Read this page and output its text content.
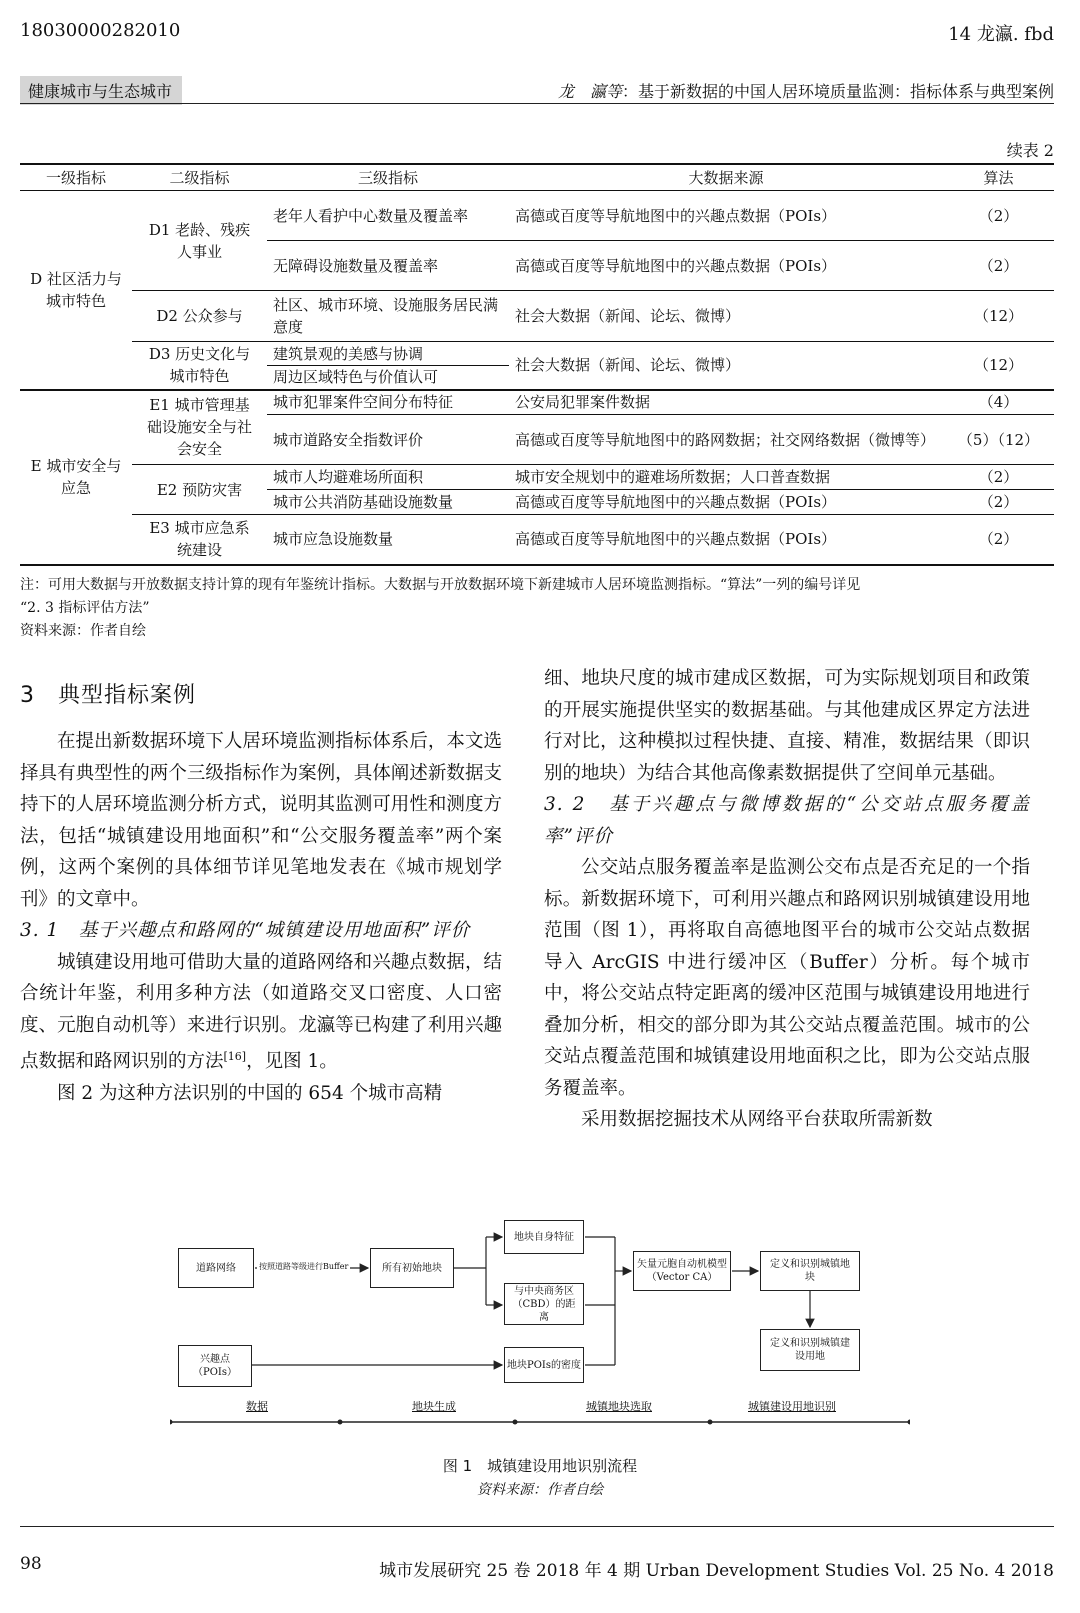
18030000282010	14 龙瀛. fbd
健康城市与生态城市	龙　瀛等：基于新数据的中国人居环境质量监测：指标体系与典型案例
续表 2
一级指标	二级指标	三级指标	大数据来源	算法
D 社区活力与城市特色	D1 老龄、残疾人事业	老年人看护中心数量及覆盖率	高德或百度等导航地图中的兴趣点数据（POIs）	（2）
		无障碍设施数量及覆盖率	高德或百度等导航地图中的兴趣点数据（POIs）	（2）
	D2 公众参与	社区、城市环境、设施服务居民满意度	社会大数据（新闻、论坛、微博）	（12）
	D3 历史文化与城市特色	建筑景观的美感与协调	社会大数据（新闻、论坛、微博）	（12）
		周边区域特色与价值认可		
E 城市安全与应急	E1 城市管理基础设施安全与社会安全	城市犯罪案件空间分布特征	公安局犯罪案件数据	（4）
		城市道路安全指数评价	高德或百度等导航地图中的路网数据；社交网络数据（微博等）	（5）（12）
	E2 预防灾害	城市人均避难场所面积	城市安全规划中的避难场所数据；人口普查数据	（2）
		城市公共消防基础设施数量	高德或百度等导航地图中的兴趣点数据（POIs）	（2）
	E3 城市应急系统建设	城市应急设施数量	高德或百度等导航地图中的兴趣点数据（POIs）	（2）
注：可用大数据与开放数据支持计算的现有年鉴统计指标。大数据与开放数据环境下新建城市人居环境监测指标。“算法”一列的编号详见
“2. 3 指标评估方法”
资料来源：作者自绘
3　典型指标案例

在提出新数据环境下人居环境监测指标体系后，本文选择具有典型性的两个三级指标作为案例，具体阐述新数据支持下的人居环境监测分析方式，说明其监测可用性和测度方法，包括“城镇建设用地面积”和“公交服务覆盖率”两个案例，这两个案例的具体细节详见笔地发表在《城市规划学刊》的文章中。

3. 1　基于兴趣点和路网的“城镇建设用地面积”评价

城镇建设用地可借助大量的道路网络和兴趣点数据，结合统计年鉴，利用多种方法（如道路交叉口密度、人口密度、元胞自动机等）来进行识别。龙瀛等已构建了利用兴趣点数据和路网识别的方法[16]，见图 1。

图 2 为这种方法识别的中国的 654 个城市高精

细、地块尺度的城市建成区数据，可为实际规划项目和政策的开展实施提供坚实的数据基础。与其他建成区界定方法进行对比，这种模拟过程快捷、直接、精准，数据结果（即识别的地块）为结合其他高像素数据提供了空间单元基础。

3. 2　基于兴趣点与微博数据的“公交站点服务覆盖率”评价

公交站点服务覆盖率是监测公交布点是否充足的一个指标。新数据环境下，可利用兴趣点和路网识别城镇建设用地范围（图 1），再将取自高德地图平台的城市公交站点数据导入 ArcGIS 中进行缓冲区（Buffer）分析。每个城市中，将公交站点特定距离的缓冲区范围与城镇建设用地进行叠加分析，相交的部分即为其公交站点覆盖范围。城市的公交站点覆盖范围和城镇建设用地面积之比，即为公交站点服务覆盖率。

采用数据挖掘技术从网络平台获取所需新数

道路网络	按照道路等级进行Buffer	所有初始地块
地块自身特征
与中央商务区（CBD）的距离
兴趣点（POIs）
地块POIs的密度
矢量元胞自动机模型（Vector CA）
定义和识别城镇地块
定义和识别城镇建设用地
数据	地块生成	城镇地块选取	城镇建设用地识别
图 1　城镇建设用地识别流程
资料来源：作者自绘
98	城市发展研究 25 卷 2018 年 4 期 Urban Development Studies Vol. 25 No. 4 2018
